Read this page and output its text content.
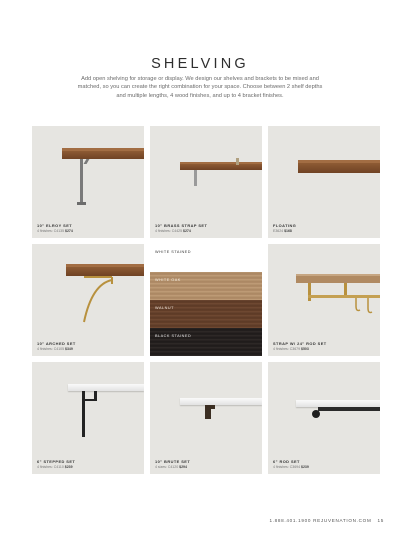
SHELVING
Add open shelving for storage or display. We design our shelves and brackets to be mixed and matched, so you can create the right combination for your space. Choose between 2 shelf depths and multiple lengths, 4 wood finishes, and up to 4 bracket finishes.
10" ELROY SET
4 finishes: C4135 $274
10" BRASS STRAP SET
4 finishes: C4425 $274
FLOATING
E3624 $168
10" ARCHED SET
4 finishes: C4105 $349
WHITE STAINED
WHITE OAK
WALNUT
BLACK STAINED
STRAP W/ 24" ROD SET
4 finishes: C3679 $503
6" STEPPED SET
4 finishes: C4110 $239
10" BRUTE SET
4 sizes: C4120 $294
6" ROD SET
4 finishes: C3694 $239
1.888.401.1900 REJUVENATION.COM 15
